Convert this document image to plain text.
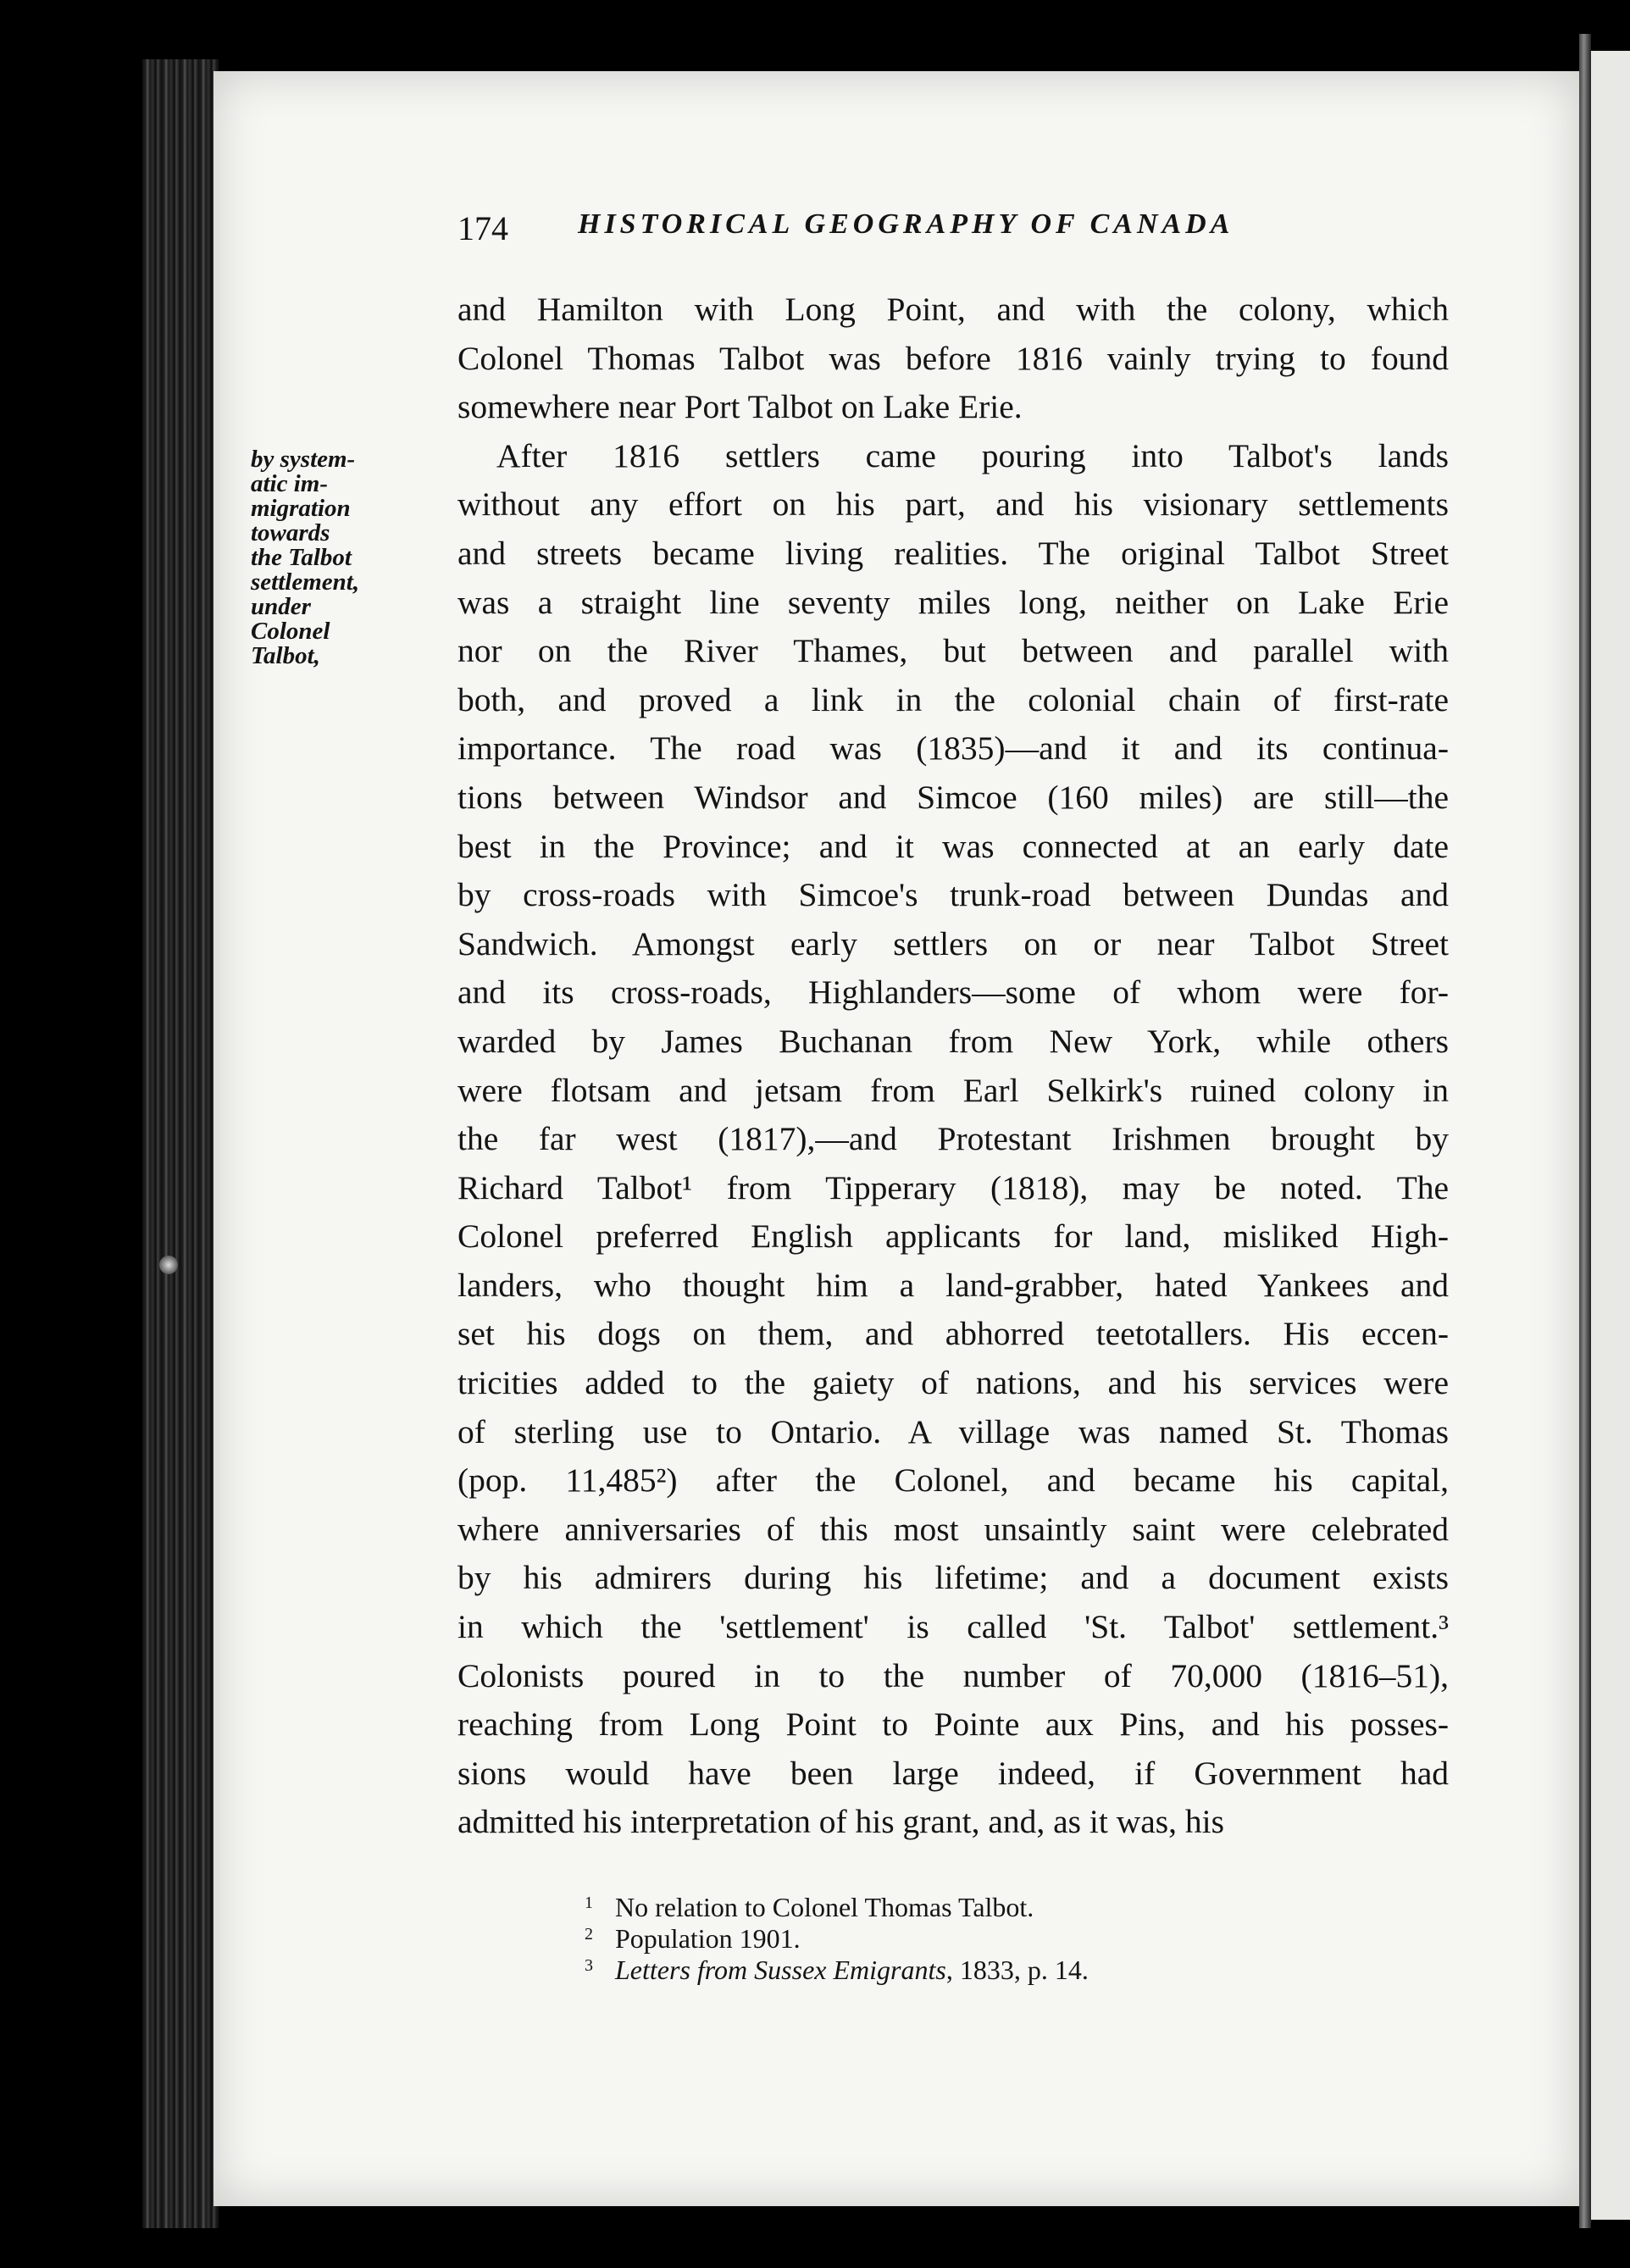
174 HISTORICAL GEOGRAPHY OF CANADA
by system-
atic im-
migration
towards
the Talbot
settlement,
under
Colonel
Talbot,
and Hamilton with Long Point, and with the colony, which
Colonel Thomas Talbot was before 1816 vainly trying to found
somewhere near Port Talbot on Lake Erie.
After 1816 settlers came pouring into Talbot's lands
without any effort on his part, and his visionary settlements
and streets became living realities. The original Talbot Street
was a straight line seventy miles long, neither on Lake Erie
nor on the River Thames, but between and parallel with
both, and proved a link in the colonial chain of first-rate
importance. The road was (1835)—and it and its continua-
tions between Windsor and Simcoe (160 miles) are still—the
best in the Province; and it was connected at an early date
by cross-roads with Simcoe's trunk-road between Dundas and
Sandwich. Amongst early settlers on or near Talbot Street
and its cross-roads, Highlanders—some of whom were for-
warded by James Buchanan from New York, while others
were flotsam and jetsam from Earl Selkirk's ruined colony in
the far west (1817),—and Protestant Irishmen brought by
Richard Talbot¹ from Tipperary (1818), may be noted. The
Colonel preferred English applicants for land, misliked High-
landers, who thought him a land-grabber, hated Yankees and
set his dogs on them, and abhorred teetotallers. His eccen-
tricities added to the gaiety of nations, and his services were
of sterling use to Ontario. A village was named St. Thomas
(pop. 11,485²) after the Colonel, and became his capital,
where anniversaries of this most unsaintly saint were celebrated
by his admirers during his lifetime; and a document exists
in which the 'settlement' is called 'St. Talbot' settlement.³
Colonists poured in to the number of 70,000 (1816–51),
reaching from Long Point to Pointe aux Pins, and his posses-
sions would have been large indeed, if Government had
admitted his interpretation of his grant, and, as it was, his
1 No relation to Colonel Thomas Talbot.
2 Population 1901.
3 Letters from Sussex Emigrants, 1833, p. 14.
